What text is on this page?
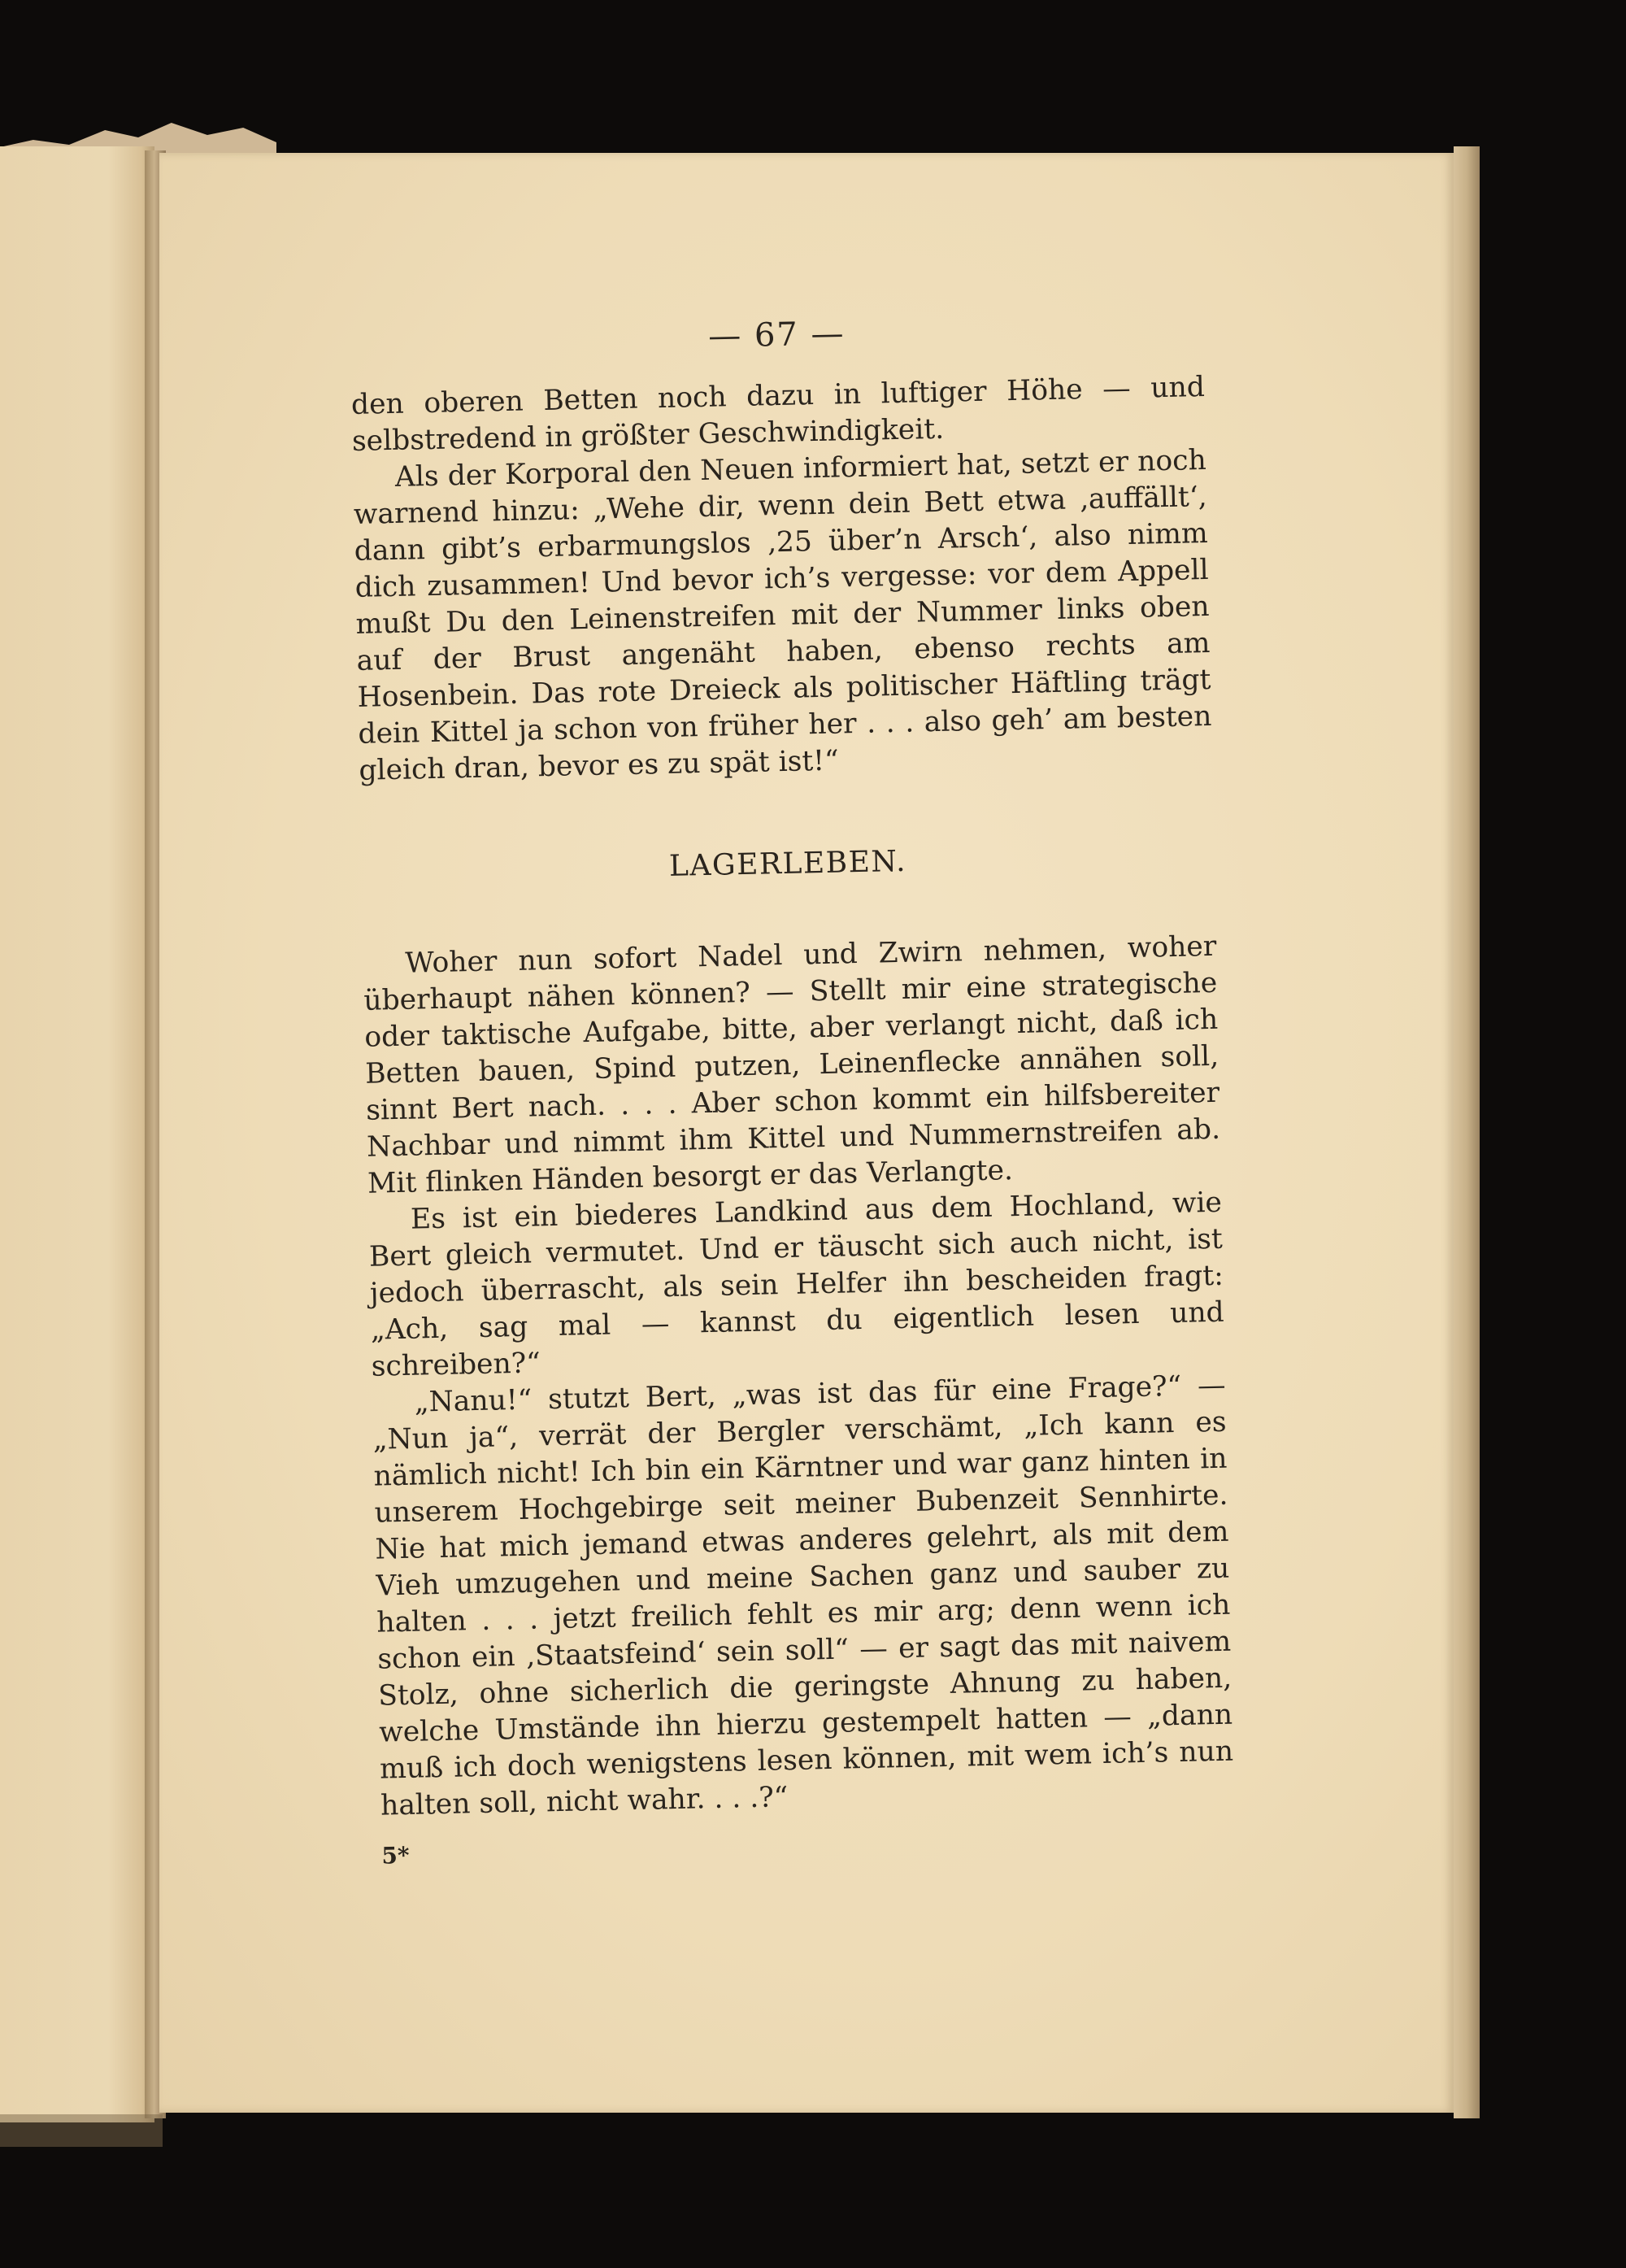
— 67 —

den oberen Betten noch dazu in luftiger Höhe — und selbstredend in größter Geschwindigkeit.

Als der Korporal den Neuen informiert hat, setzt er noch warnend hinzu: „Wehe dir, wenn dein Bett etwa ‚auffällt‘, dann gibt’s erbarmungslos ‚25 über’n Arsch‘, also nimm dich zusammen! Und bevor ich’s vergesse: vor dem Appell mußt Du den Leinenstreifen mit der Nummer links oben auf der Brust angenäht haben, ebenso rechts am Hosenbein. Das rote Dreieck als politischer Häftling trägt dein Kittel ja schon von früher her . . . also geh’ am besten gleich dran, bevor es zu spät ist!“

LAGERLEBEN.

Woher nun sofort Nadel und Zwirn nehmen, woher überhaupt nähen können? — Stellt mir eine strategische oder taktische Aufgabe, bitte, aber verlangt nicht, daß ich Betten bauen, Spind putzen, Leinenflecke annähen soll, sinnt Bert nach. . . . Aber schon kommt ein hilfsbereiter Nachbar und nimmt ihm Kittel und Nummernstreifen ab. Mit flinken Händen besorgt er das Verlangte.

Es ist ein biederes Landkind aus dem Hochland, wie Bert gleich vermutet. Und er täuscht sich auch nicht, ist jedoch überrascht, als sein Helfer ihn bescheiden fragt: „Ach, sag mal — kannst du eigentlich lesen und schreiben?“

„Nanu!“ stutzt Bert, „was ist das für eine Frage?“ — „Nun ja“, verrät der Bergler verschämt, „Ich kann es nämlich nicht! Ich bin ein Kärntner und war ganz hinten in unserem Hochgebirge seit meiner Bubenzeit Sennhirte. Nie hat mich jemand etwas anderes gelehrt, als mit dem Vieh umzugehen und meine Sachen ganz und sauber zu halten . . . jetzt freilich fehlt es mir arg; denn wenn ich schon ein ‚Staatsfeind‘ sein soll“ — er sagt das mit naivem Stolz, ohne sicherlich die geringste Ahnung zu haben, welche Umstände ihn hierzu gestempelt hatten — „dann muß ich doch wenigstens lesen können, mit wem ich’s nun halten soll, nicht wahr. . . .?“

5*
